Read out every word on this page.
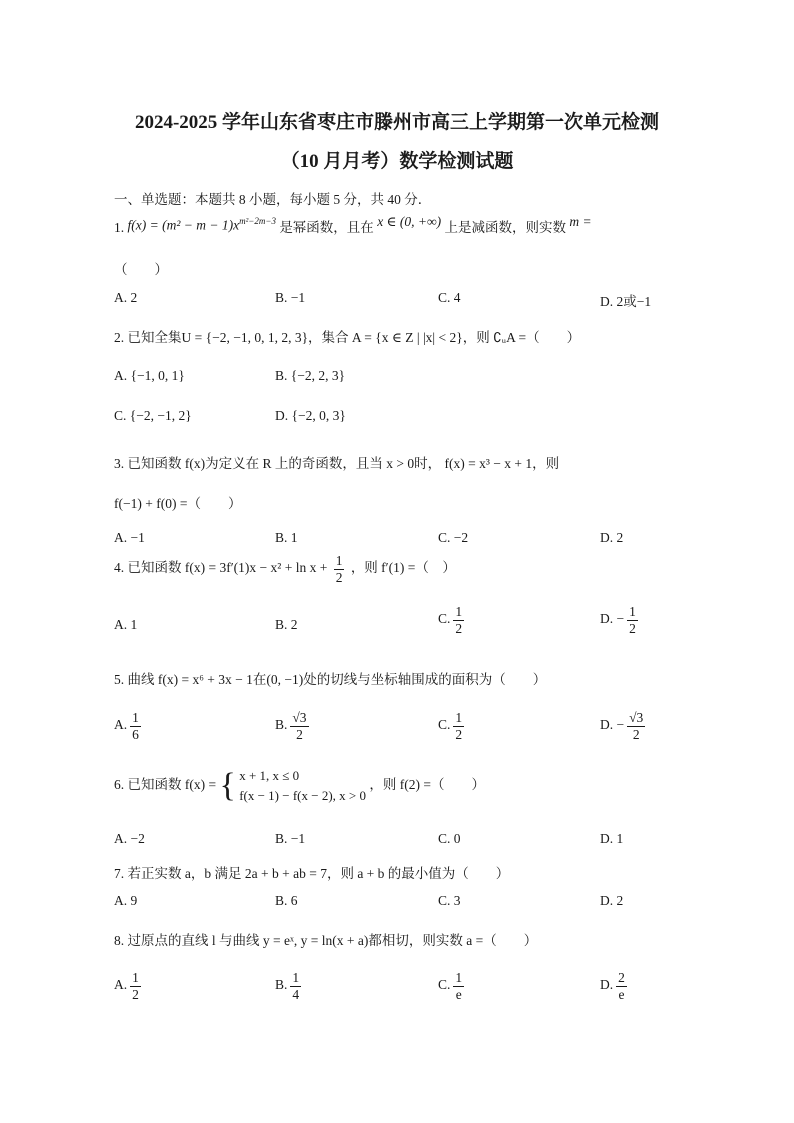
2024-2025 学年山东省枣庄市滕州市高三上学期第一次单元检测
（10 月月考）数学检测试题
一、单选题：本题共 8 小题，每小题 5 分，共 40 分．
1. $f(x) = (m^2 - m - 1)x^{m^2-2m-3}$ 是幂函数，且在 x ∈ (0, +∞) 上是减函数，则实数 m =
（　　）
A. 2	B. −1	C. 4	D. 2或−1
2. 已知全集U = {−2, −1, 0, 1, 2, 3}，集合 A = {x ∈ Z | |x| < 2}，则 ∁ᵤA =（　　）
A. {−1, 0, 1}	B. {−2, 2, 3}
C. {−2, −1, 2}	D. {−2, 0, 3}
3. 已知函数 f(x)为定义在 R 上的奇函数，且当 x > 0时， f(x) = x³ − x + 1，则
f(−1) + f(0) =（　　）
A. −1	B. 1	C. −2	D. 2
4. 已知函数 $f(x) = 3f'(1)x - x^2 + \ln x + \frac{1}{2}$ ，则 f′(1) =（　）
A. 1	B. 2	C. $\frac{1}{2}$	D. − $\frac{1}{2}$
5. 曲线 f(x) = x⁶ + 3x − 1在(0, −1)处的切线与坐标轴围成的面积为（　　）
A. $\frac{1}{6}$	B. $\frac{√3}{2}$	C. $\frac{1}{2}$	D. − $\frac{√3}{2}$
6. 已知函数 f(x) = { x + 1, x ≤ 0
f(x − 1) − f(x − 2), x > 0
，则 f(2) =（　　）
A. −2	B. −1	C. 0	D. 1
7. 若正实数 a，b 满足 2a + b + ab = 7，则 a + b 的最小值为（　　）
A. 9	B. 6	C. 3	D. 2
8. 过原点的直线 l 与曲线 y = eˣ, y = ln(x + a)都相切，则实数 a =（　　）
A. $\frac{1}{2}$	B. $\frac{1}{4}$	C. $\frac{1}{e}$	D. $\frac{2}{e}$
